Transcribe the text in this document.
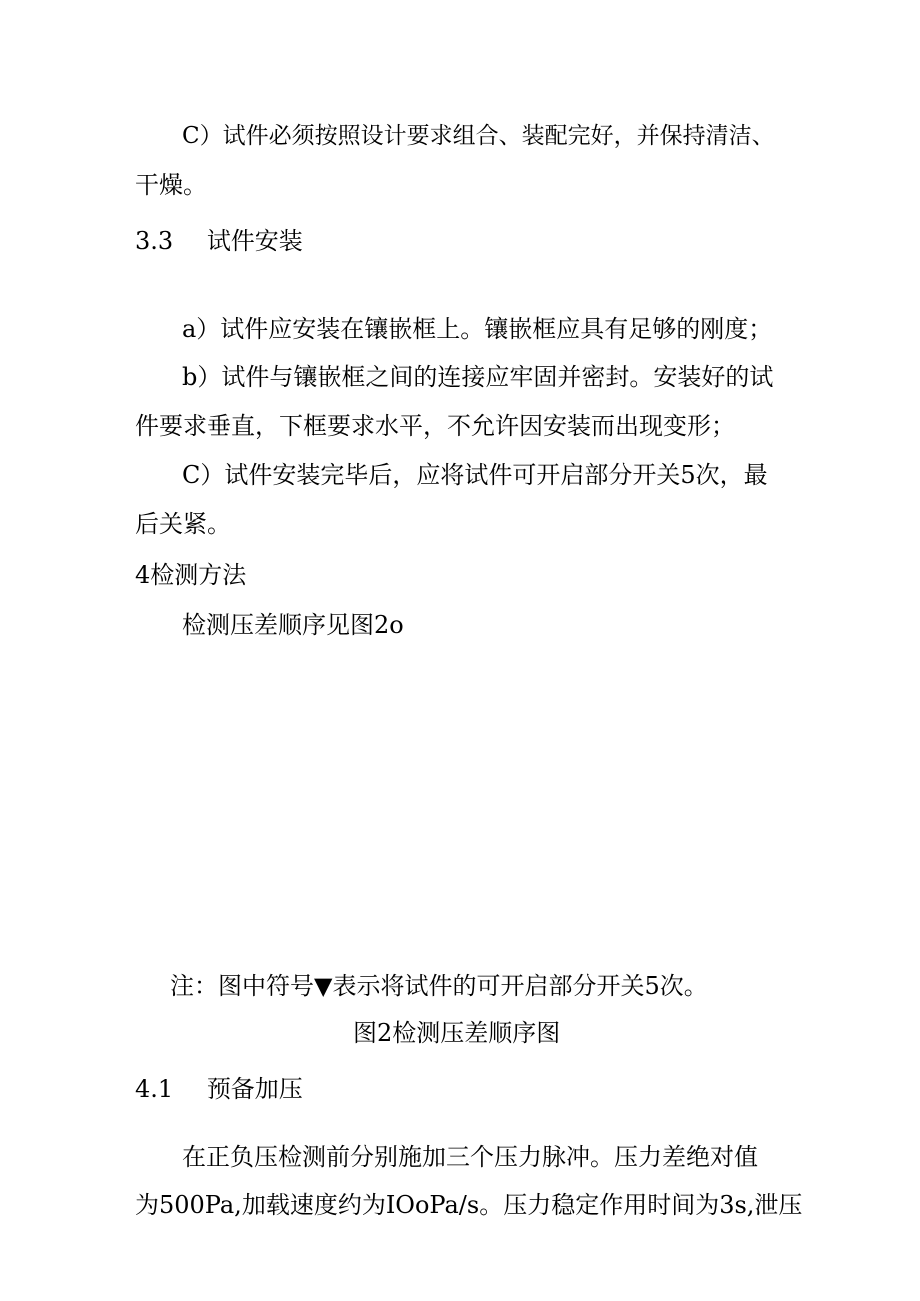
C）试件必须按照设计要求组合、装配完好，并保持清洁、
干燥。
3.3 试件安装
a）试件应安装在镶嵌框上。镶嵌框应具有足够的刚度；
b）试件与镶嵌框之间的连接应牢固并密封。安装好的试
件要求垂直，下框要求水平，不允许因安装而出现变形；
C）试件安装完毕后，应将试件可开启部分开关5次，最
后关紧。
4检测方法
检测压差顺序见图2o
注：图中符号▼表示将试件的可开启部分开关5次。
图2检测压差顺序图
4.1 预备加压
在正负压检测前分别施加三个压力脉冲。压力差绝对值
为500Pa,加载速度约为IOoPa/s。压力稳定作用时间为3s,泄压
